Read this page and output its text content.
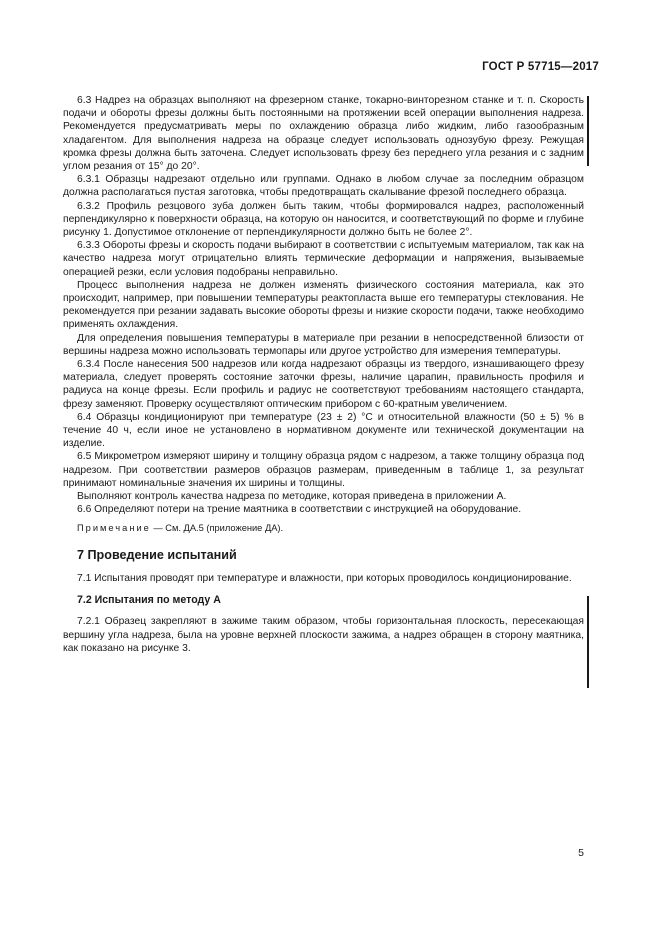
ГОСТ Р 57715—2017

6.3 Надрез на образцах выполняют на фрезерном станке, токарно-винторезном станке и т. п. Скорость подачи и обороты фрезы должны быть постоянными на протяжении всей операции выполнения надреза. Рекомендуется предусматривать меры по охлаждению образца либо жидким, либо газообразным хладагентом. Для выполнения надреза на образце следует использовать однозубую фрезу. Режущая кромка фрезы должна быть заточена. Следует использовать фрезу без переднего угла резания и с задним углом резания от 15° до 20°.

6.3.1 Образцы надрезают отдельно или группами. Однако в любом случае за последним образцом должна располагаться пустая заготовка, чтобы предотвращать скалывание фрезой последнего образца.

6.3.2 Профиль резцового зуба должен быть таким, чтобы формировался надрез, расположенный перпендикулярно к поверхности образца, на которую он наносится, и соответствующий по форме и глубине рисунку 1. Допустимое отклонение от перпендикулярности должно быть не более 2°.

6.3.3 Обороты фрезы и скорость подачи выбирают в соответствии с испытуемым материалом, так как на качество надреза могут отрицательно влиять термические деформации и напряжения, вызываемые операцией резки, если условия подобраны неправильно.

Процесс выполнения надреза не должен изменять физического состояния материала, как это происходит, например, при повышении температуры реактопласта выше его температуры стеклования. Не рекомендуется при резании задавать высокие обороты фрезы и низкие скорости подачи, также необходимо применять охлаждения.

Для определения повышения температуры в материале при резании в непосредственной близости от вершины надреза можно использовать термопары или другое устройство для измерения температуры.

6.3.4 После нанесения 500 надрезов или когда надрезают образцы из твердого, изнашивающего фрезу материала, следует проверять состояние заточки фрезы, наличие царапин, правильность профиля и радиуса на конце фрезы. Если профиль и радиус не соответствуют требованиям настоящего стандарта, фрезу заменяют. Проверку осуществляют оптическим прибором с 60-кратным увеличением.

6.4 Образцы кондиционируют при температуре (23 ± 2) °C и относительной влажности (50 ± 5) % в течение 40 ч, если иное не установлено в нормативном документе или технической документации на изделие.

6.5 Микрометром измеряют ширину и толщину образца рядом с надрезом, а также толщину образца под надрезом. При соответствии размеров образцов размерам, приведенным в таблице 1, за результат принимают номинальные значения их ширины и толщины.

Выполняют контроль качества надреза по методике, которая приведена в приложении А.

6.6 Определяют потери на трение маятника в соответствии с инструкцией на оборудование.

Примечание — См. ДА.5 (приложение ДА).

7 Проведение испытаний

7.1 Испытания проводят при температуре и влажности, при которых проводилось кондиционирование.

7.2 Испытания по методу А

7.2.1 Образец закрепляют в зажиме таким образом, чтобы горизонтальная плоскость, пересекающая вершину угла надреза, была на уровне верхней плоскости зажима, а надрез обращен в сторону маятника, как показано на рисунке 3.

5
